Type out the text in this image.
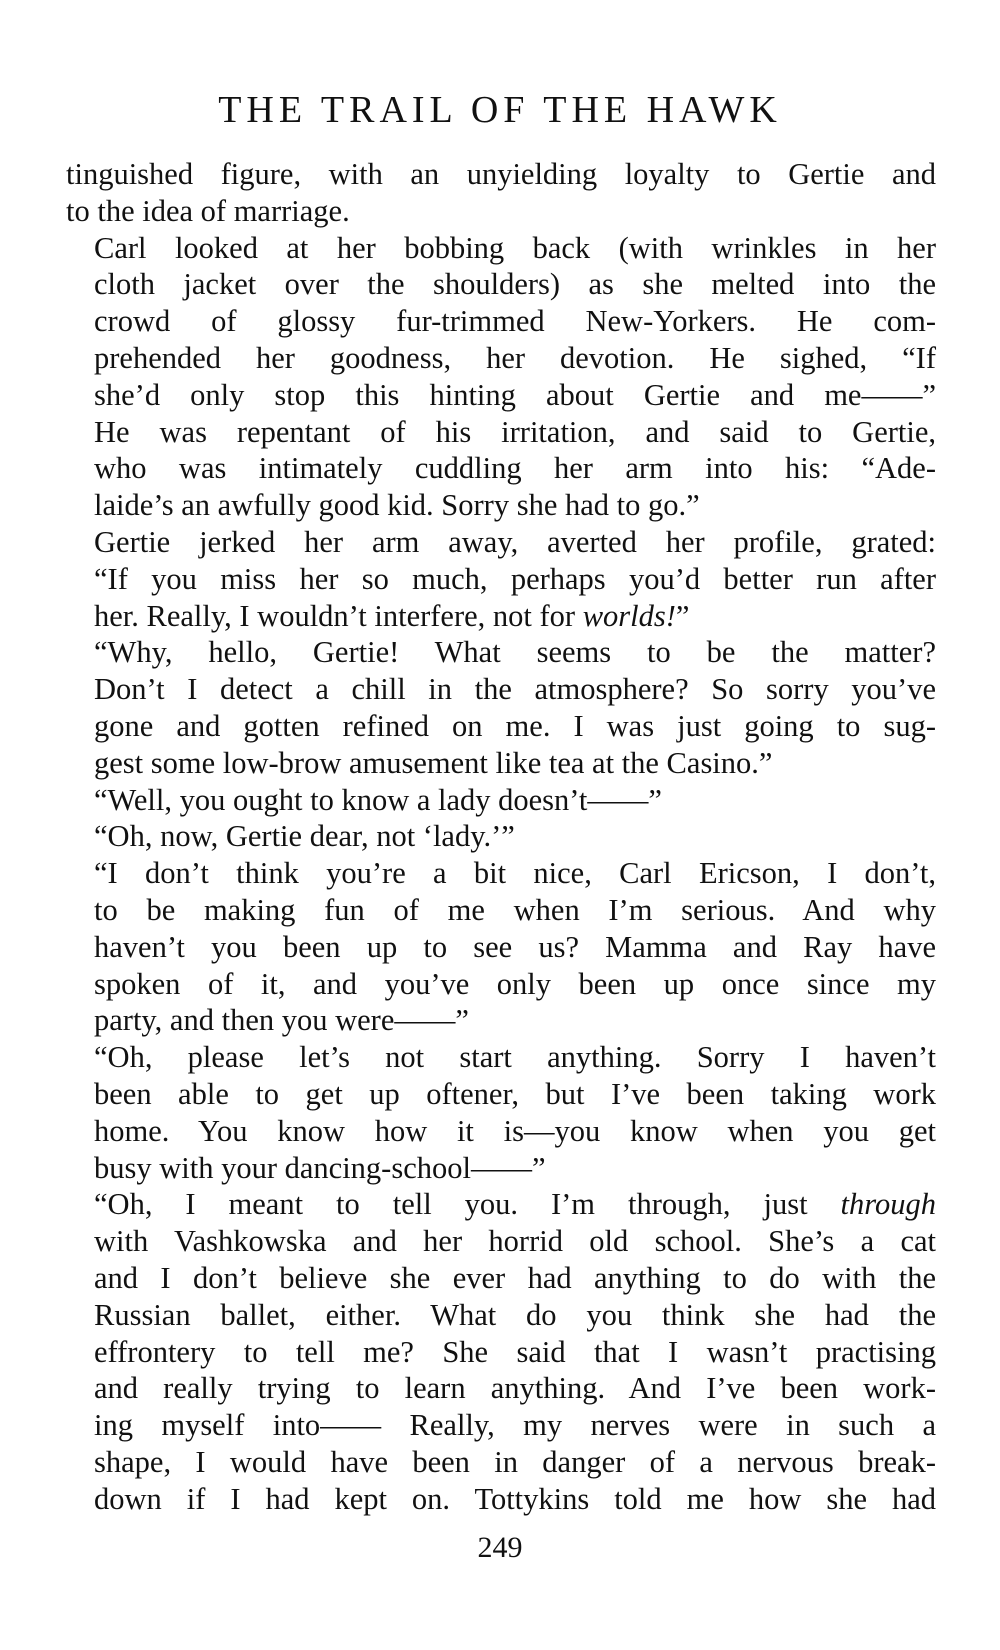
THE TRAIL OF THE HAWK

tinguished figure, with an unyielding loyalty to Gertie and
to the idea of marriage.

Carl looked at her bobbing back (with wrinkles in her
cloth jacket over the shoulders) as she melted into the
crowd of glossy fur-trimmed New-Yorkers. He com-
prehended her goodness, her devotion. He sighed, “If
she’d only stop this hinting about Gertie and me——”
He was repentant of his irritation, and said to Gertie,
who was intimately cuddling her arm into his: “Ade-
laide’s an awfully good kid. Sorry she had to go.”

Gertie jerked her arm away, averted her profile, grated:
“If you miss her so much, perhaps you’d better run after
her. Really, I wouldn’t interfere, not for worlds!”
“Why, hello, Gertie! What seems to be the matter?
Don’t I detect a chill in the atmosphere? So sorry you’ve
gone and gotten refined on me. I was just going to sug-
gest some low-brow amusement like tea at the Casino.”

“Well, you ought to know a lady doesn’t——”

“Oh, now, Gertie dear, not ‘lady.’”

“I don’t think you’re a bit nice, Carl Ericson, I don’t,
to be making fun of me when I’m serious. And why
haven’t you been up to see us? Mamma and Ray have
spoken of it, and you’ve only been up once since my
party, and then you were——”

“Oh, please let’s not start anything. Sorry I haven’t
been able to get up oftener, but I’ve been taking work
home. You know how it is—you know when you get
busy with your dancing-school——”

“Oh, I meant to tell you. I’m through, just through
with Vashkowska and her horrid old school. She’s a cat
and I don’t believe she ever had anything to do with the
Russian ballet, either. What do you think she had the
effrontery to tell me? She said that I wasn’t practising
and really trying to learn anything. And I’ve been work-
ing myself into—— Really, my nerves were in such a
shape, I would have been in danger of a nervous break-
down if I had kept on. Tottykins told me how she had

249
